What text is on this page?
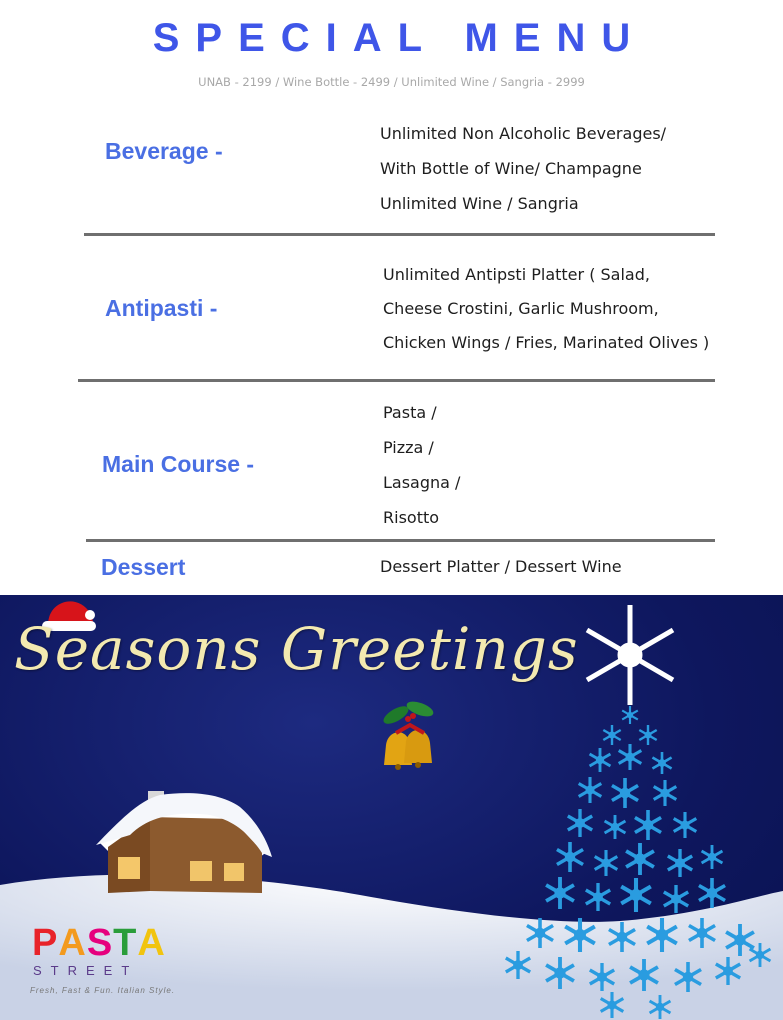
SPECIAL MENU
UNAB - 2199 / Wine Bottle - 2499 / Unlimited Wine / Sangria - 2999
Beverage -
Unlimited Non Alcoholic Beverages/
With Bottle of Wine/ Champagne
Unlimited Wine / Sangria
Antipasti -
Unlimited Antipsti Platter ( Salad,
Cheese Crostini, Garlic Mushroom,
Chicken Wings / Fries, Marinated Olives )
Main Course -
Pasta /
Pizza /
Lasagna /
Risotto
Dessert	Dessert Platter / Dessert Wine
Seasons Greetings
PASTA
STREET
Fresh, Fast & Fun. Italian Style.
